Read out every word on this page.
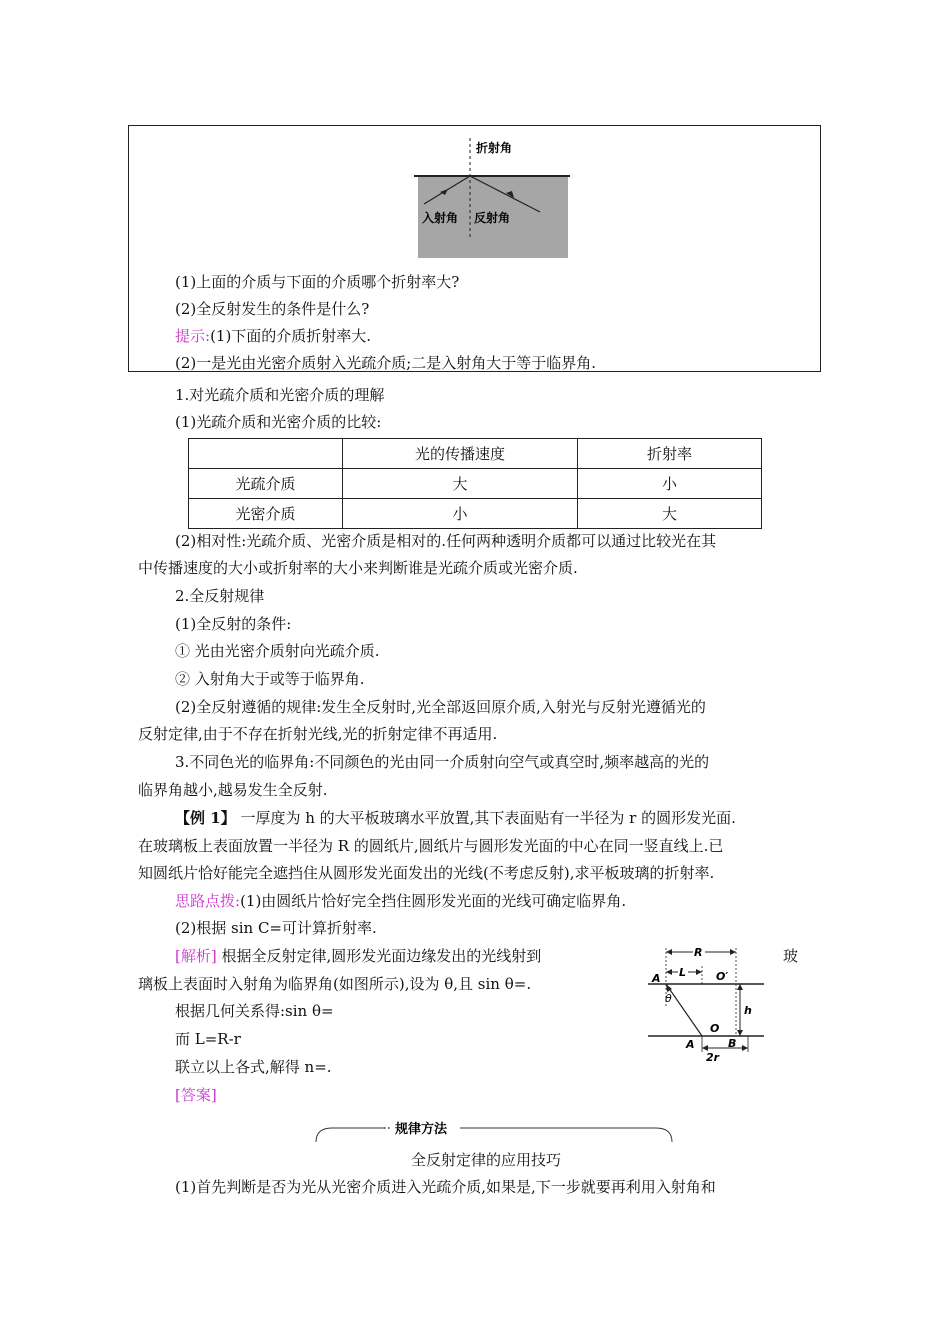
折射角
入射角 反射角
(1)上面的介质与下面的介质哪个折射率大?
(2)全反射发生的条件是什么?
提示:(1)下面的介质折射率大.
(2)一是光由光密介质射入光疏介质;二是入射角大于等于临界角.
1.对光疏介质和光密介质的理解
(1)光疏介质和光密介质的比较:
	光的传播速度	折射率
光疏介质	大	小
光密介质	小	大
(2)相对性:光疏介质、光密介质是相对的.任何两种透明介质都可以通过比较光在其
中传播速度的大小或折射率的大小来判断谁是光疏介质或光密介质.
2.全反射规律
(1)全反射的条件:
① 光由光密介质射向光疏介质.
② 入射角大于或等于临界角.
(2)全反射遵循的规律:发生全反射时,光全部返回原介质,入射光与反射光遵循光的
反射定律,由于不存在折射光线,光的折射定律不再适用.
3.不同色光的临界角:不同颜色的光由同一介质射向空气或真空时,频率越高的光的
临界角越小,越易发生全反射.
【例 1】 一厚度为 h 的大平板玻璃水平放置,其下表面贴有一半径为 r 的圆形发光面.
在玻璃板上表面放置一半径为 R 的圆纸片,圆纸片与圆形发光面的中心在同一竖直线上.已
知圆纸片恰好能完全遮挡住从圆形发光面发出的光线(不考虑反射),求平板玻璃的折射率.
思路点拨:(1)由圆纸片恰好完全挡住圆形发光面的光线可确定临界角.
(2)根据 sin C=可计算折射率.
[解析] 根据全反射定律,圆形发光面边缘发出的光线射到	玻
璃板上表面时入射角为临界角(如图所示),设为 θ,且 sin θ=.
根据几何关系得:sin θ=
而 L=R-r
联立以上各式,解得 n=.
[答案]
R
L
A	O′
θ
h
O
A	B
2r
规律方法
全反射定律的应用技巧
(1)首先判断是否为光从光密介质进入光疏介质,如果是,下一步就要再利用入射角和
